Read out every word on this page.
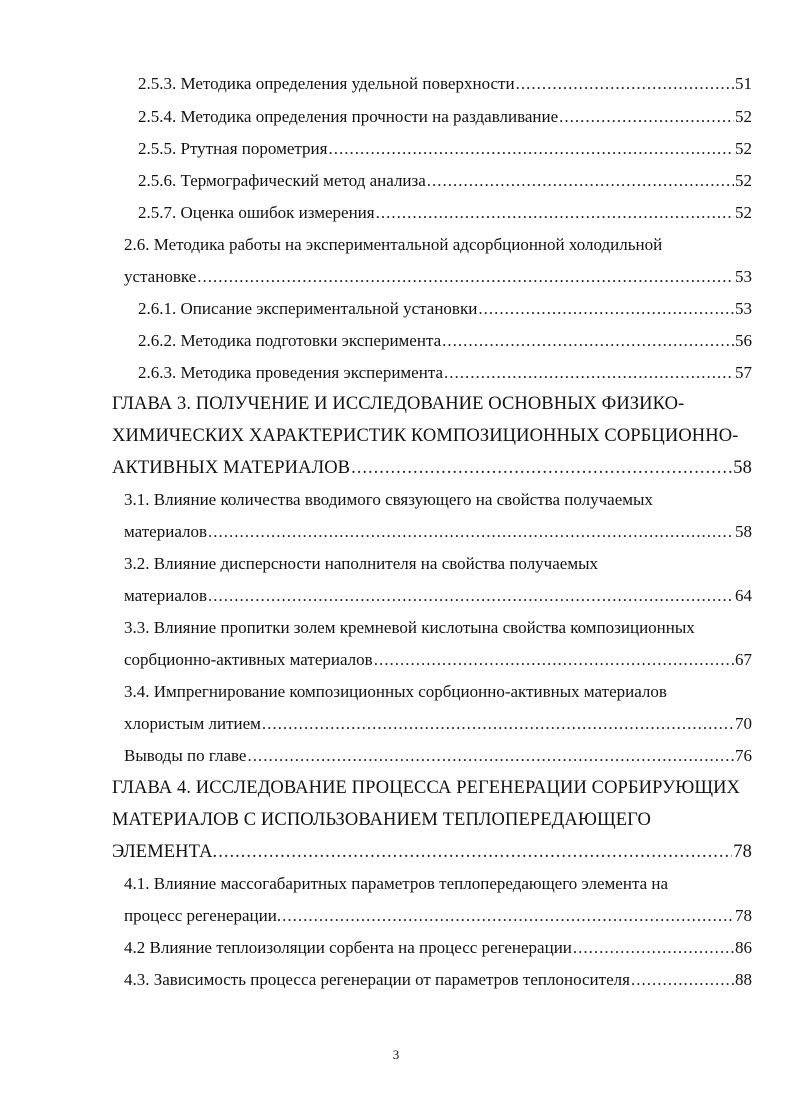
2.5.3. Методика определения удельной поверхности .....	51
2.5.4. Методика определения прочности на раздавливание .....	52
2.5.5. Ртутная порометрия .....	52
2.5.6. Термографический метод анализа .....	52
2.5.7. Оценка ошибок измерения .....	52
2.6. Методика работы на экспериментальной адсорбционной холодильной
установке .....	53
2.6.1. Описание экспериментальной установки .....	53
2.6.2. Методика подготовки эксперимента .....	56
2.6.3. Методика проведения эксперимента .....	57
ГЛАВА 3. ПОЛУЧЕНИЕ И ИССЛЕДОВАНИЕ ОСНОВНЫХ ФИЗИКО-
ХИМИЧЕСКИХ ХАРАКТЕРИСТИК КОМПОЗИЦИОННЫХ СОРБЦИОННО-
АКТИВНЫХ МАТЕРИАЛОВ .....	58
3.1. Влияние количества вводимого связующего на свойства получаемых
материалов .....	58
3.2. Влияние дисперсности наполнителя на свойства получаемых
материалов .....	64
3.3. Влияние пропитки золем кремневой кислотына свойства композиционных
сорбционно-активных материалов .....	67
3.4. Импрегнирование композиционных сорбционно-активных материалов
хлористым литием .....	70
Выводы по главе .....	76
ГЛАВА 4. ИССЛЕДОВАНИЕ ПРОЦЕССА РЕГЕНЕРАЦИИ СОРБИРУЮЩИХ
МАТЕРИАЛОВ С ИСПОЛЬЗОВАНИЕМ ТЕПЛОПЕРЕДАЮЩЕГО
ЭЛЕМЕНТА. .....	78
4.1. Влияние массогабаритных параметров теплопередающего элемента на
процесс регенерации. .....	78
4.2 Влияние теплоизоляции сорбента на процесс регенерации .....	86
4.3. Зависимость процесса регенерации от параметров теплоносителя .....	88
3
